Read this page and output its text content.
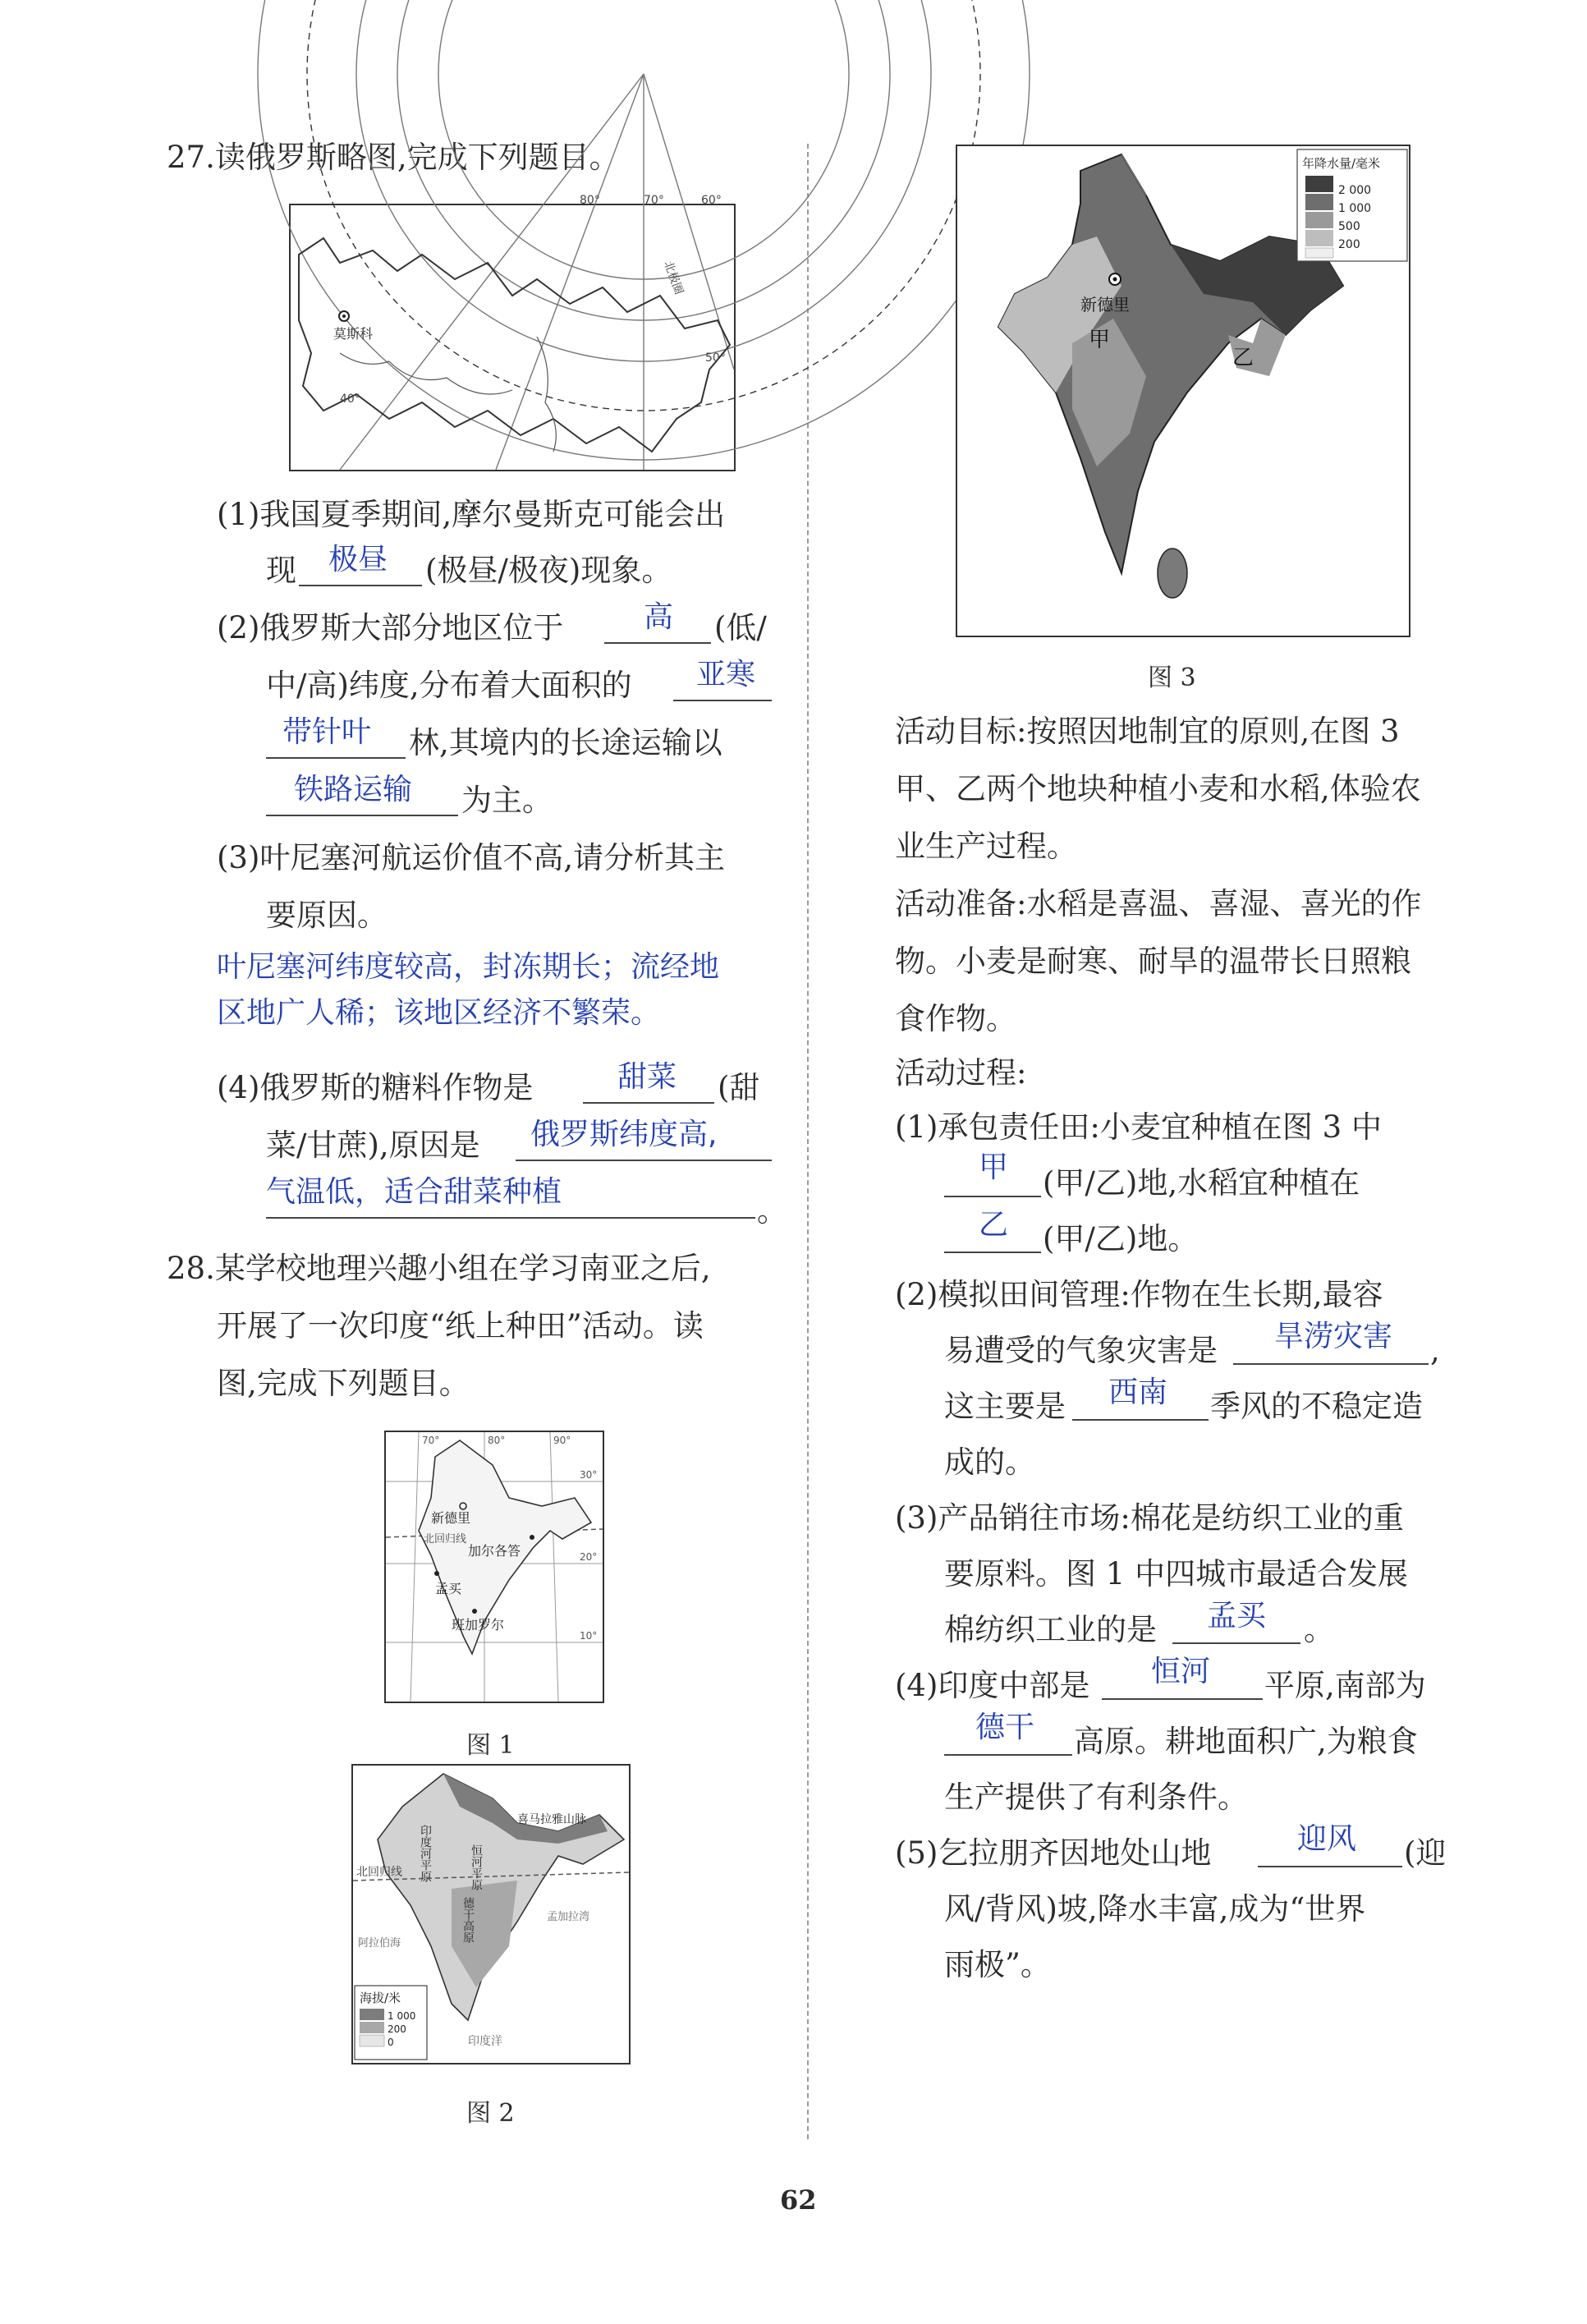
27.读俄罗斯略图,完成下列题目。
莫斯科
40°
50°
80°	70°	60°
北极圈
(1)我国夏季期间,摩尔曼斯克可能会出
现 极昼 (极昼/极夜)现象。
(2)俄罗斯大部分地区位于	高 (低/
中/高)纬度,分布着大面积的 亚寒
带针叶 林,其境内的长途运输以
铁路运输 为主。
(3)叶尼塞河航运价值不高,请分析其主
要原因。
叶尼塞河纬度较高，封冻期长；流经地
区地广人稀；该地区经济不繁荣。
(4)俄罗斯的糖料作物是	甜菜 (甜
菜/甘蔗),原因是 俄罗斯纬度高,
气温低，适合甜菜种植
。
28.某学校地理兴趣小组在学习南亚之后,
开展了一次印度“纸上种田”活动。读
图,完成下列题目。
新德里
加尔各答
孟买
班加罗尔
北回归线
70°	80°	90°
30°
20°
10°
图 1
印度河平原
喜马拉雅山脉
恒河平原
北回归线
德干高原
阿拉伯海
孟加拉湾
印度洋
海拔/米
1 000
200
0
图 2
新德里
甲
乙
年降水量/毫米
2 000
1 000
500
200
图 3
活动目标:按照因地制宜的原则,在图 3
甲、乙两个地块种植小麦和水稻,体验农
业生产过程。
活动准备:水稻是喜温、喜湿、喜光的作
物。小麦是耐寒、耐旱的温带长日照粮
食作物。
活动过程:
(1)承包责任田:小麦宜种植在图 3 中
甲 (甲/乙)地,水稻宜种植在
乙 (甲/乙)地。
(2)模拟田间管理:作物在生长期,最容
易遭受的气象灾害是 旱涝灾害 ,
这主要是 西南 季风的不稳定造
成的。
(3)产品销往市场:棉花是纺织工业的重
要原料。图 1 中四城市最适合发展
棉纺织工业的是 孟买 。
(4)印度中部是 恒河 平原,南部为
德干 高原。耕地面积广,为粮食
生产提供了有利条件。
(5)乞拉朋齐因地处山地	迎风 (迎
风/背风)坡,降水丰富,成为“世界
雨极”。
62
